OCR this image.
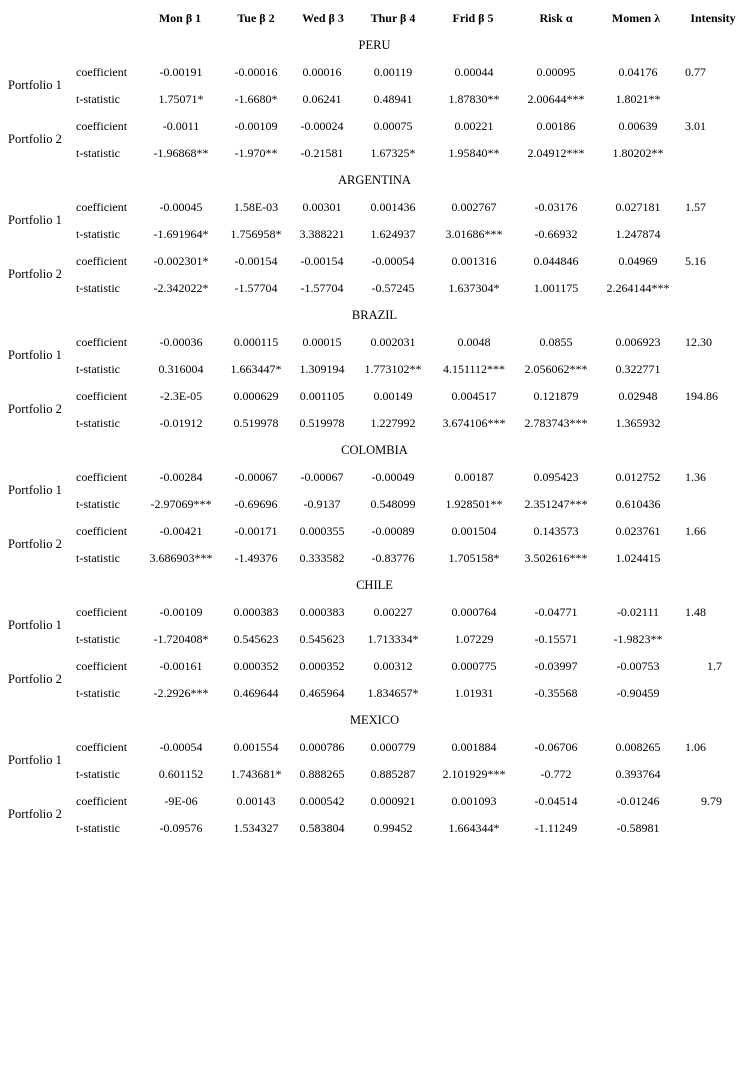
Mon β 1	Tue β 2	Wed β 3	Thur β 4	Frid β 5	Risk α	Momen λ	Intensity
PERU
Portfolio 1
coefficient	-0.00191	-0.00016	0.00016	0.00119	0.00044	0.00095	0.04176	0.77
t-statistic	1.75071*	-1.6680*	0.06241	0.48941	1.87830**	2.00644***	1.8021**
Portfolio 2
coefficient	-0.0011	-0.00109	-0.00024	0.00075	0.00221	0.00186	0.00639	3.01
t-statistic	-1.96868**	-1.970**	-0.21581	1.67325*	1.95840**	2.04912***	1.80202**
ARGENTINA
Portfolio 1
coefficient	-0.00045	1.58E-03	0.00301	0.001436	0.002767	-0.03176	0.027181	1.57
t-statistic	-1.691964*	1.756958*	3.388221	1.624937	3.01686***	-0.66932	1.247874
Portfolio 2
coefficient	-0.002301*	-0.00154	-0.00154	-0.00054	0.001316	0.044846	0.04969	5.16
t-statistic	-2.342022*	-1.57704	-1.57704	-0.57245	1.637304*	1.001175	2.264144***
BRAZIL
Portfolio 1
coefficient	-0.00036	0.000115	0.00015	0.002031	0.0048	0.0855	0.006923	12.30
t-statistic	0.316004	1.663447*	1.309194	1.773102**	4.151112***	2.056062***	0.322771
Portfolio 2
coefficient	-2.3E-05	0.000629	0.001105	0.00149	0.004517	0.121879	0.02948	194.86
t-statistic	-0.01912	0.519978	0.519978	1.227992	3.674106***	2.783743***	1.365932
COLOMBIA
Portfolio 1
coefficient	-0.00284	-0.00067	-0.00067	-0.00049	0.00187	0.095423	0.012752	1.36
t-statistic	-2.97069***	-0.69696	-0.9137	0.548099	1.928501**	2.351247***	0.610436
Portfolio 2
coefficient	-0.00421	-0.00171	0.000355	-0.00089	0.001504	0.143573	0.023761	1.66
t-statistic	3.686903***	-1.49376	0.333582	-0.83776	1.705158*	3.502616***	1.024415
CHILE
Portfolio 1
coefficient	-0.00109	0.000383	0.000383	0.00227	0.000764	-0.04771	-0.02111	1.48
t-statistic	-1.720408*	0.545623	0.545623	1.713334*	1.07229	-0.15571	-1.9823**
Portfolio 2
coefficient	-0.00161	0.000352	0.000352	0.00312	0.000775	-0.03997	-0.00753	1.7
t-statistic	-2.2926***	0.469644	0.465964	1.834657*	1.01931	-0.35568	-0.90459
MEXICO
Portfolio 1
coefficient	-0.00054	0.001554	0.000786	0.000779	0.001884	-0.06706	0.008265	1.06
t-statistic	0.601152	1.743681*	0.888265	0.885287	2.101929***	-0.772	0.393764
Portfolio 2
coefficient	-9E-06	0.00143	0.000542	0.000921	0.001093	-0.04514	-0.01246	9.79
t-statistic	-0.09576	1.534327	0.583804	0.99452	1.664344*	-1.11249	-0.58981
